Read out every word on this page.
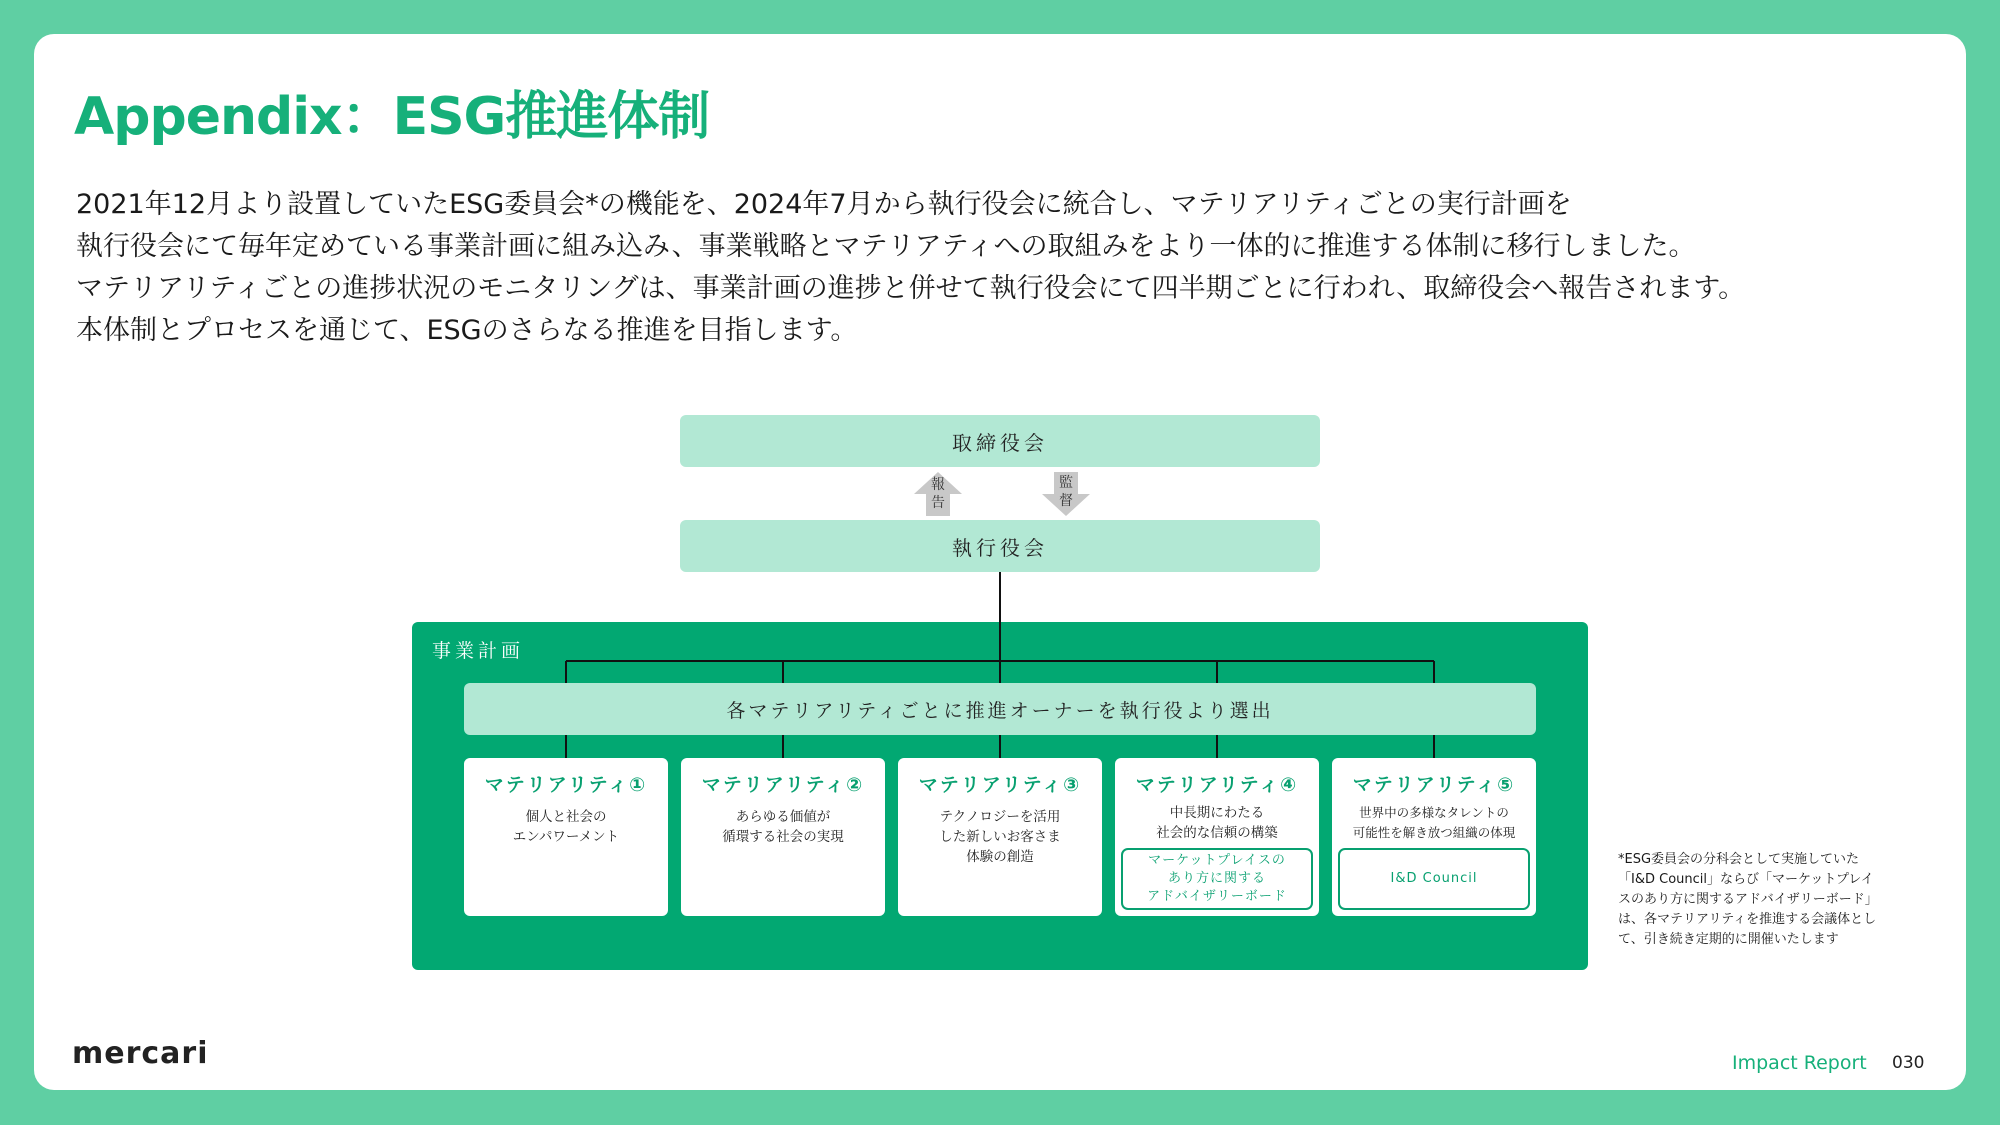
Appendix：ESG推進体制
2021年12月より設置していたESG委員会*の機能を、2024年7月から執行役会に統合し、マテリアリティごとの実行計画を
執行役会にて毎年定めている事業計画に組み込み、事業戦略とマテリアティへの取組みをより一体的に推進する体制に移行しました。
マテリアリティごとの進捗状況のモニタリングは、事業計画の進捗と併せて執行役会にて四半期ごとに行われ、取締役会へ報告されます。
本体制とプロセスを通じて、ESGのさらなる推進を目指します。
取締役会
執行役会
報告
監督
事業計画
各マテリアリティごとに推進オーナーを執行役より選出
マテリアリティ①
個人と社会の
エンパワーメント
マテリアリティ②
あらゆる価値が
循環する社会の実現
マテリアリティ③
テクノロジーを活用
した新しいお客さま
体験の創造
マテリアリティ④
中長期にわたる
社会的な信頼の構築
マーケットプレイスの
あり方に関する
アドバイザリーボード
マテリアリティ⑤
世界中の多様なタレントの
可能性を解き放つ組織の体現
I&D Council
*ESG委員会の分科会として実施していた「I&D Council」ならび「マーケットプレイスのあり方に関するアドバイザリーボード」は、各マテリアリティを推進する会議体として、引き続き定期的に開催いたします
mercari	Impact Report 030
